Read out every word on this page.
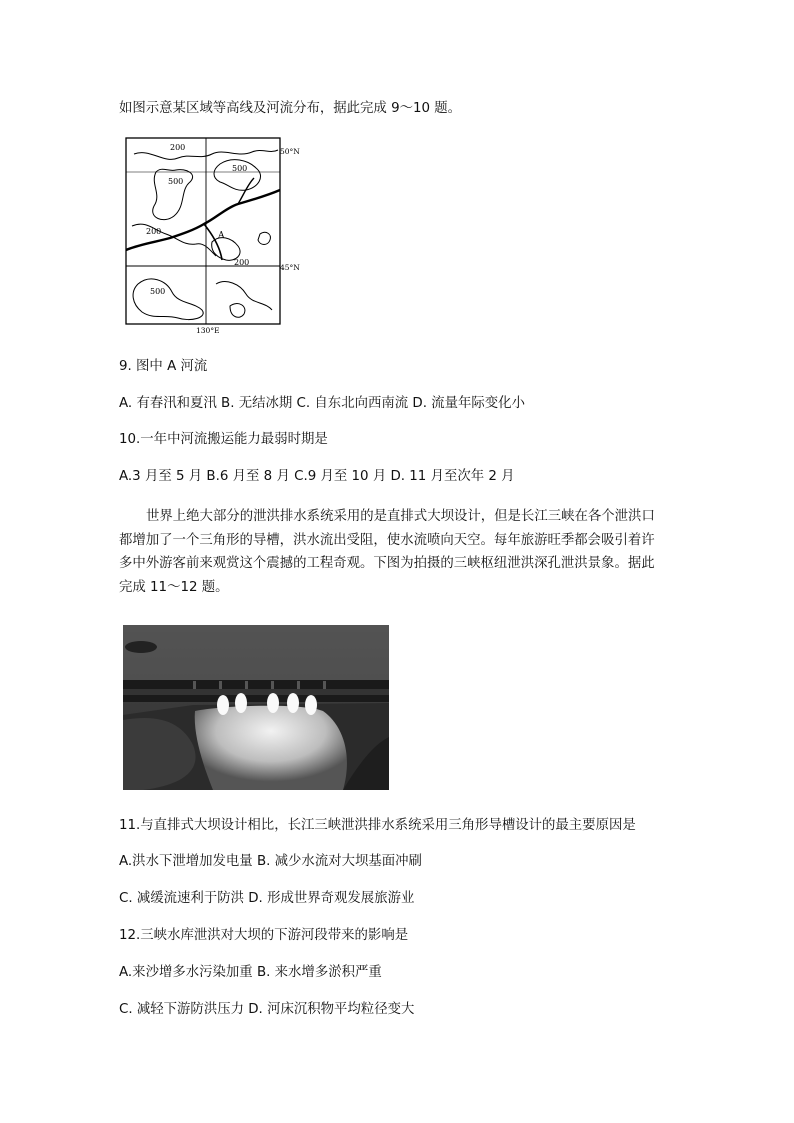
如图示意某区域等高线及河流分布，据此完成 9～10 题。
200
500
500
200
200
500
A
50°N
45°N
130°E
9. 图中 A 河流
A. 有春汛和夏汛 B. 无结冰期 C. 自东北向西南流 D. 流量年际变化小
10.一年中河流搬运能力最弱时期是
A.3 月至 5 月 B.6 月至 8 月 C.9 月至 10 月 D. 11 月至次年 2 月
世界上绝大部分的泄洪排水系统采用的是直排式大坝设计，但是长江三峡在各个泄洪口
都增加了一个三角形的导槽，洪水流出受阻，使水流喷向天空。每年旅游旺季都会吸引着许
多中外游客前来观赏这个震撼的工程奇观。下图为拍摄的三峡枢纽泄洪深孔泄洪景象。据此
完成 11～12 题。
11.与直排式大坝设计相比，长江三峡泄洪排水系统采用三角形导槽设计的最主要原因是
A.洪水下泄增加发电量 B. 减少水流对大坝基面冲刷
C. 减缓流速利于防洪 D. 形成世界奇观发展旅游业
12.三峡水库泄洪对大坝的下游河段带来的影响是
A.来沙增多水污染加重 B. 来水增多淤积严重
C. 减轻下游防洪压力 D. 河床沉积物平均粒径变大
